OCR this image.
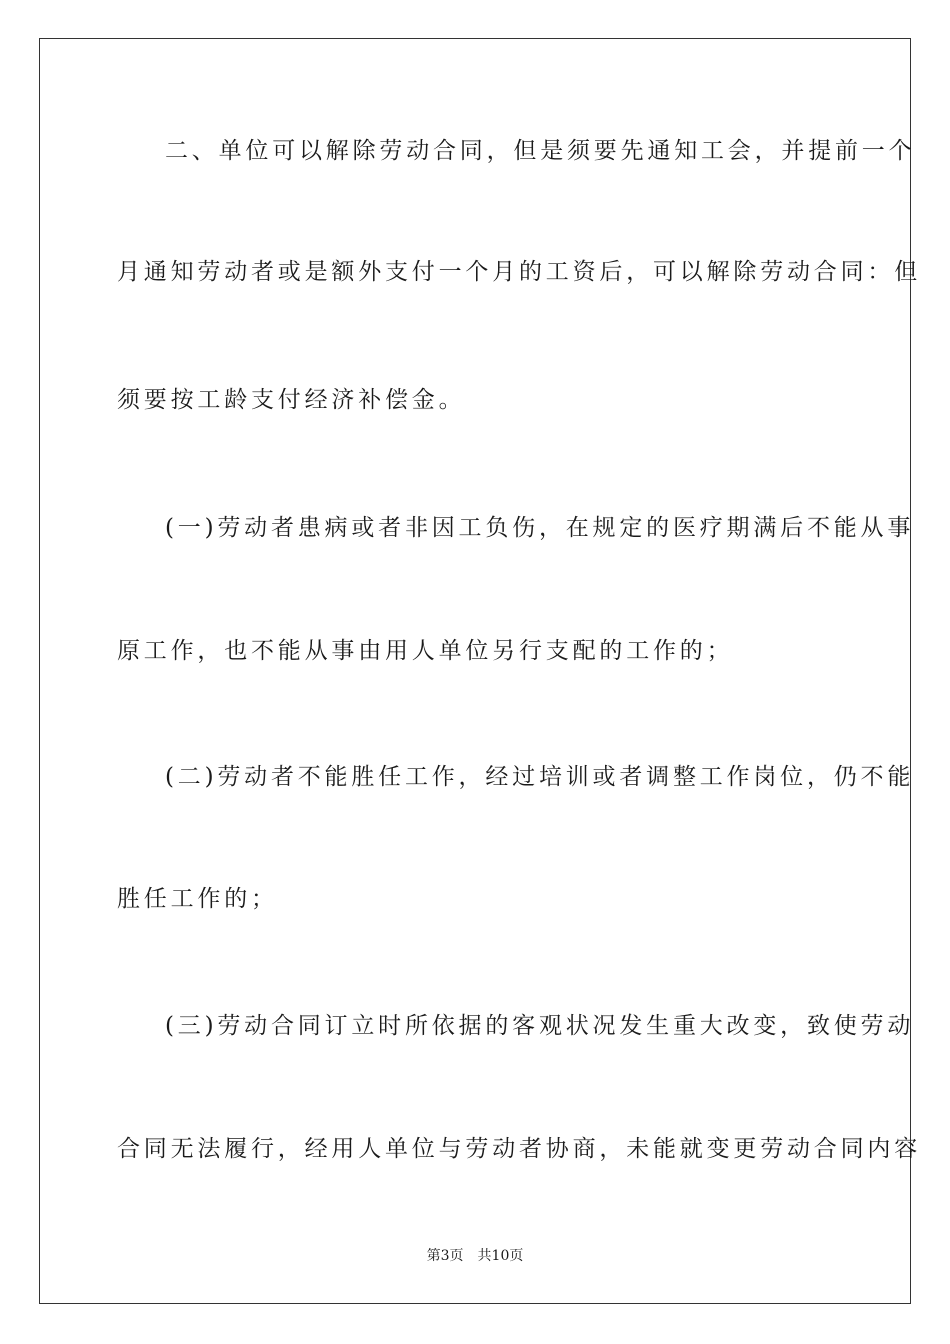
二、单位可以解除劳动合同，但是须要先通知工会，并提前一个
月通知劳动者或是额外支付一个月的工资后，可以解除劳动合同：但
须要按工龄支付经济补偿金。
(一)劳动者患病或者非因工负伤，在规定的医疗期满后不能从事
原工作，也不能从事由用人单位另行支配的工作的；
(二)劳动者不能胜任工作，经过培训或者调整工作岗位，仍不能
胜任工作的；
(三)劳动合同订立时所依据的客观状况发生重大改变，致使劳动
合同无法履行，经用人单位与劳动者协商，未能就变更劳动合同内容
第3页 共10页
